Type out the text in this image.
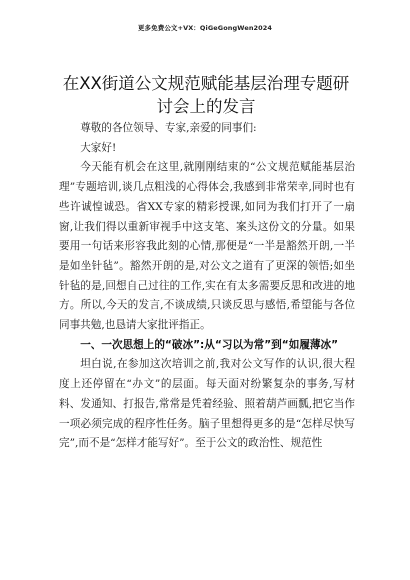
更多免费公文+VX：QiGeGongWen2024
在XX街道公文规范赋能基层治理专题研讨会上的发言

尊敬的各位领导、专家,亲爱的同事们:

大家好!

今天能有机会在这里,就刚刚结束的“公文规范赋能基层治理”专题培训,谈几点粗浅的心得体会,我感到非常荣幸,同时也有些许诚惶诚恐。省XX专家的精彩授课,如同为我们打开了一扇窗,让我们得以重新审视手中这支笔、案头这份文的分量。如果要用一句话来形容我此刻的心情,那便是“一半是豁然开朗,一半是如坐针毡”。豁然开朗的是,对公文之道有了更深的领悟;如坐针毡的是,回想自己过往的工作,实在有太多需要反思和改进的地方。所以,今天的发言,不谈成绩,只谈反思与感悟,希望能与各位同事共勉,也恳请大家批评指正。

一、一次思想上的“破冰”:从“习以为常”到“如履薄冰”

坦白说,在参加这次培训之前,我对公文写作的认识,很大程度上还停留在“办文”的层面。每天面对纷繁复杂的事务,写材料、发通知、打报告,常常是凭着经验、照着葫芦画瓢,把它当作一项必须完成的程序性任务。脑子里想得更多的是“怎样尽快写完”,而不是“怎样才能写好”。至于公文的政治性、规范性
